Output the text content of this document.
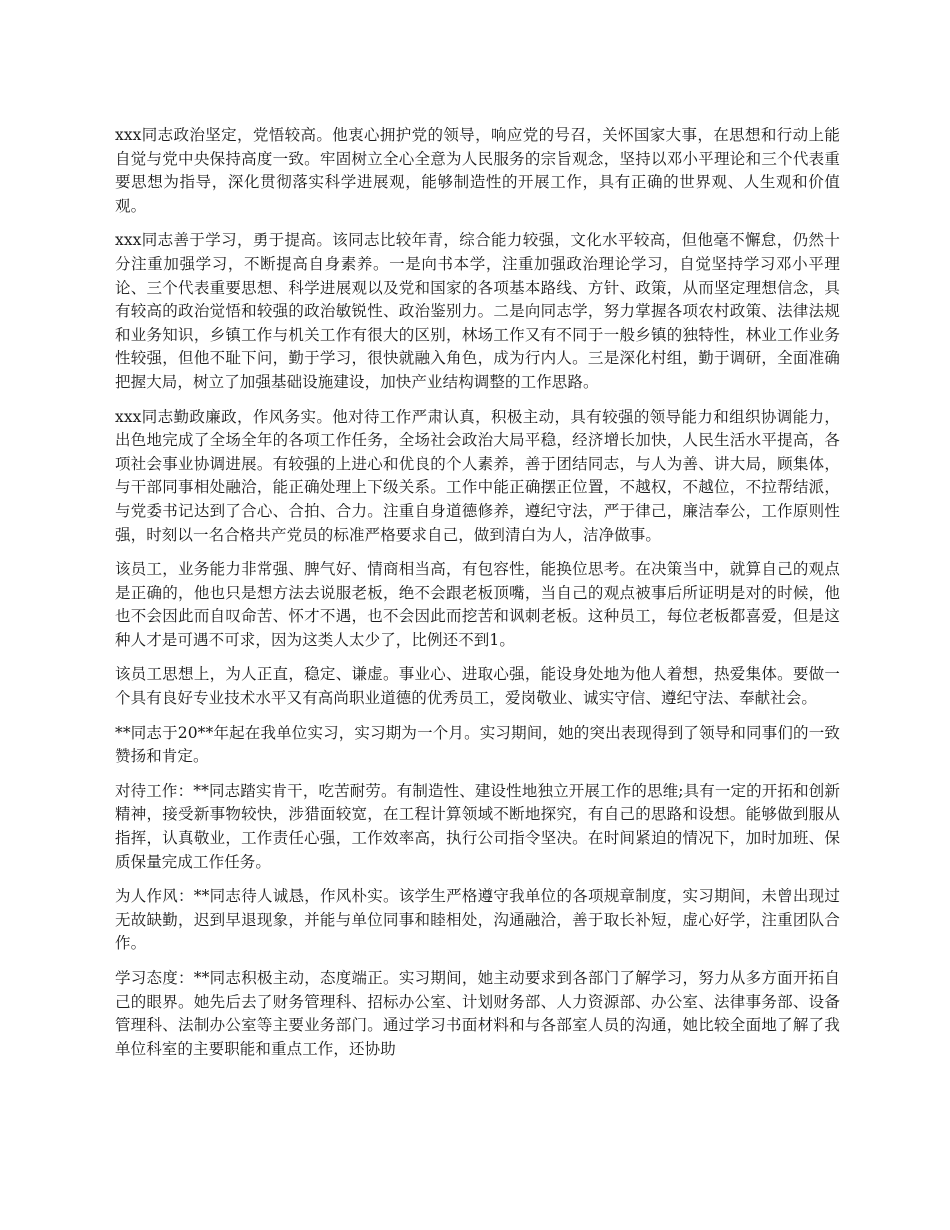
xxx同志政治坚定，党悟较高。他衷心拥护党的领导，响应党的号召，关怀国家大事，在思想和行动上能自觉与党中央保持高度一致。牢固树立全心全意为人民服务的宗旨观念，坚持以邓小平理论和三个代表重要思想为指导，深化贯彻落实科学进展观，能够制造性的开展工作，具有正确的世界观、人生观和价值观。

xxx同志善于学习，勇于提高。该同志比较年青，综合能力较强，文化水平较高，但他毫不懈怠，仍然十分注重加强学习，不断提高自身素养。一是向书本学，注重加强政治理论学习，自觉坚持学习邓小平理论、三个代表重要思想、科学进展观以及党和国家的各项基本路线、方针、政策，从而坚定理想信念，具有较高的政治觉悟和较强的政治敏锐性、政治鉴别力。二是向同志学，努力掌握各项农村政策、法律法规和业务知识，乡镇工作与机关工作有很大的区别，林场工作又有不同于一般乡镇的独特性，林业工作业务性较强，但他不耻下问，勤于学习，很快就融入角色，成为行内人。三是深化村组，勤于调研，全面准确把握大局，树立了加强基础设施建设，加快产业结构调整的工作思路。

xxx同志勤政廉政，作风务实。他对待工作严肃认真，积极主动，具有较强的领导能力和组织协调能力，出色地完成了全场全年的各项工作任务，全场社会政治大局平稳，经济增长加快，人民生活水平提高，各项社会事业协调进展。有较强的上进心和优良的个人素养，善于团结同志，与人为善、讲大局，顾集体，与干部同事相处融洽，能正确处理上下级关系。工作中能正确摆正位置，不越权，不越位，不拉帮结派，与党委书记达到了合心、合拍、合力。注重自身道德修养，遵纪守法，严于律己，廉洁奉公，工作原则性强，时刻以一名合格共产党员的标准严格要求自己，做到清白为人，洁净做事。

该员工，业务能力非常强、脾气好、情商相当高，有包容性，能换位思考。在决策当中，就算自己的观点是正确的，他也只是想方法去说服老板，绝不会跟老板顶嘴，当自己的观点被事后所证明是对的时候，他也不会因此而自叹命苦、怀才不遇，也不会因此而挖苦和讽刺老板。这种员工，每位老板都喜爱，但是这种人才是可遇不可求，因为这类人太少了，比例还不到1。

该员工思想上，为人正直，稳定、谦虚。事业心、进取心强，能设身处地为他人着想，热爱集体。要做一个具有良好专业技术水平又有高尚职业道德的优秀员工，爱岗敬业、诚实守信、遵纪守法、奉献社会。

**同志于20**年起在我单位实习，实习期为一个月。实习期间，她的突出表现得到了领导和同事们的一致赞扬和肯定。

对待工作：**同志踏实肯干，吃苦耐劳。有制造性、建设性地独立开展工作的思维;具有一定的开拓和创新精神，接受新事物较快，涉猎面较宽，在工程计算领域不断地探究，有自己的思路和设想。能够做到服从指挥，认真敬业，工作责任心强，工作效率高，执行公司指令坚决。在时间紧迫的情况下，加时加班、保质保量完成工作任务。

为人作风：**同志待人诚恳，作风朴实。该学生严格遵守我单位的各项规章制度，实习期间，未曾出现过无故缺勤，迟到早退现象，并能与单位同事和睦相处，沟通融洽，善于取长补短，虚心好学，注重团队合作。

学习态度：**同志积极主动，态度端正。实习期间，她主动要求到各部门了解学习，努力从多方面开拓自己的眼界。她先后去了财务管理科、招标办公室、计划财务部、人力资源部、办公室、法律事务部、设备管理科、法制办公室等主要业务部门。通过学习书面材料和与各部室人员的沟通，她比较全面地了解了我单位科室的主要职能和重点工作，还协助
